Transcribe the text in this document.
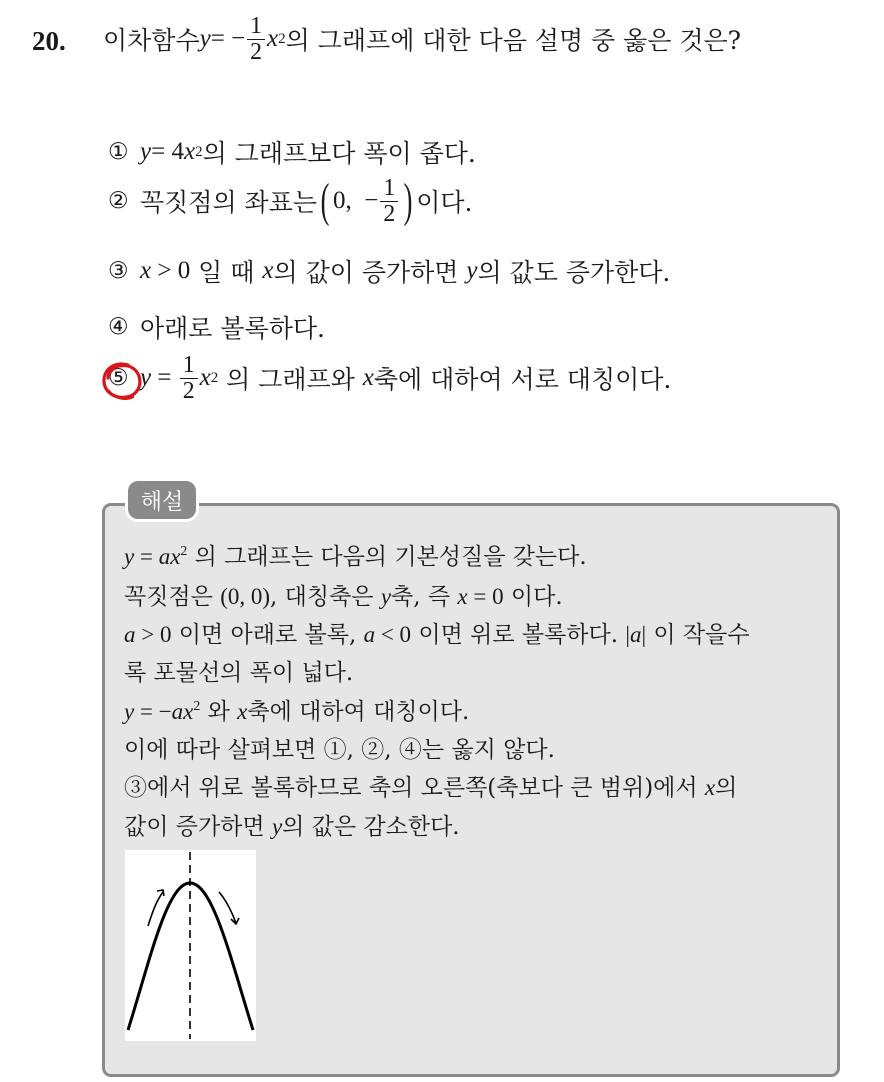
20. 이차함수 y = − $\frac{1}{2}$ x 2 의 그래프에 대한 다음 설명 중 옳은 것은?
① y = 4 x 2 의 그래프보다 폭이 좁다.
② 꼭짓점의 좌표는 ( 0,  − $\frac{1}{2}$ ) 이다.
③ x > 0 일 때 x 의 값이 증가하면 y 의 값도 증가한다.
④ 아래로 볼록하다.
⑤ $y = \frac{1}{2}$ x 2 의 그래프와 x 축에 대하여 서로 대칭이다.
해설
$y = ax^2$ 의 그래프는 다음의 기본성질을 갖는다.
꼭짓점은 (0, 0), 대칭축은 y축, 즉 x = 0 이다.
a > 0 이면 아래로 볼록, a < 0 이면 위로 볼록하다. |a| 이 작을수
록 포물선의 폭이 넓다.
$y = -ax^2$ 와 x축에 대하여 대칭이다.
이에 따라 살펴보면 ①, ②, ④는 옳지 않다.
③에서 위로 볼록하므로 축의 오른쪽(축보다 큰 범위)에서 x의
값이 증가하면 y의 값은 감소한다.
